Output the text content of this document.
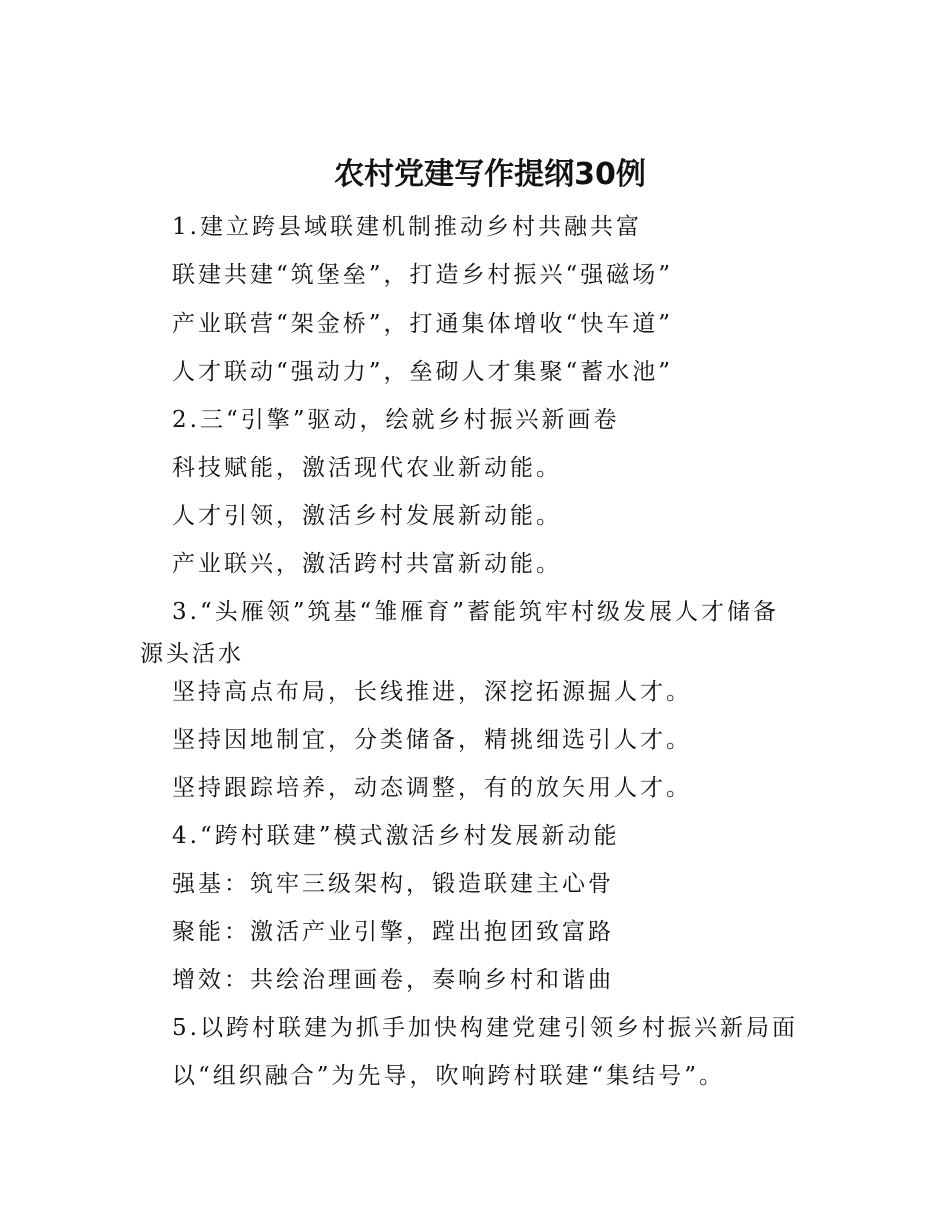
农村党建写作提纲30例
1.建立跨县域联建机制推动乡村共融共富
联建共建“筑堡垒”，打造乡村振兴“强磁场”
产业联营“架金桥”，打通集体增收“快车道”
人才联动“强动力”，垒砌人才集聚“蓄水池”
2.三“引擎”驱动，绘就乡村振兴新画卷
科技赋能，激活现代农业新动能。
人才引领，激活乡村发展新动能。
产业联兴，激活跨村共富新动能。
3.“头雁领”筑基“雏雁育”蓄能筑牢村级发展人才储备
源头活水
坚持高点布局，长线推进，深挖拓源掘人才。
坚持因地制宜，分类储备，精挑细选引人才。
坚持跟踪培养，动态调整，有的放矢用人才。
4.“跨村联建”模式激活乡村发展新动能
强基：筑牢三级架构，锻造联建主心骨
聚能：激活产业引擎，蹚出抱团致富路
增效：共绘治理画卷，奏响乡村和谐曲
5.以跨村联建为抓手加快构建党建引领乡村振兴新局面
以“组织融合”为先导，吹响跨村联建“集结号”。
